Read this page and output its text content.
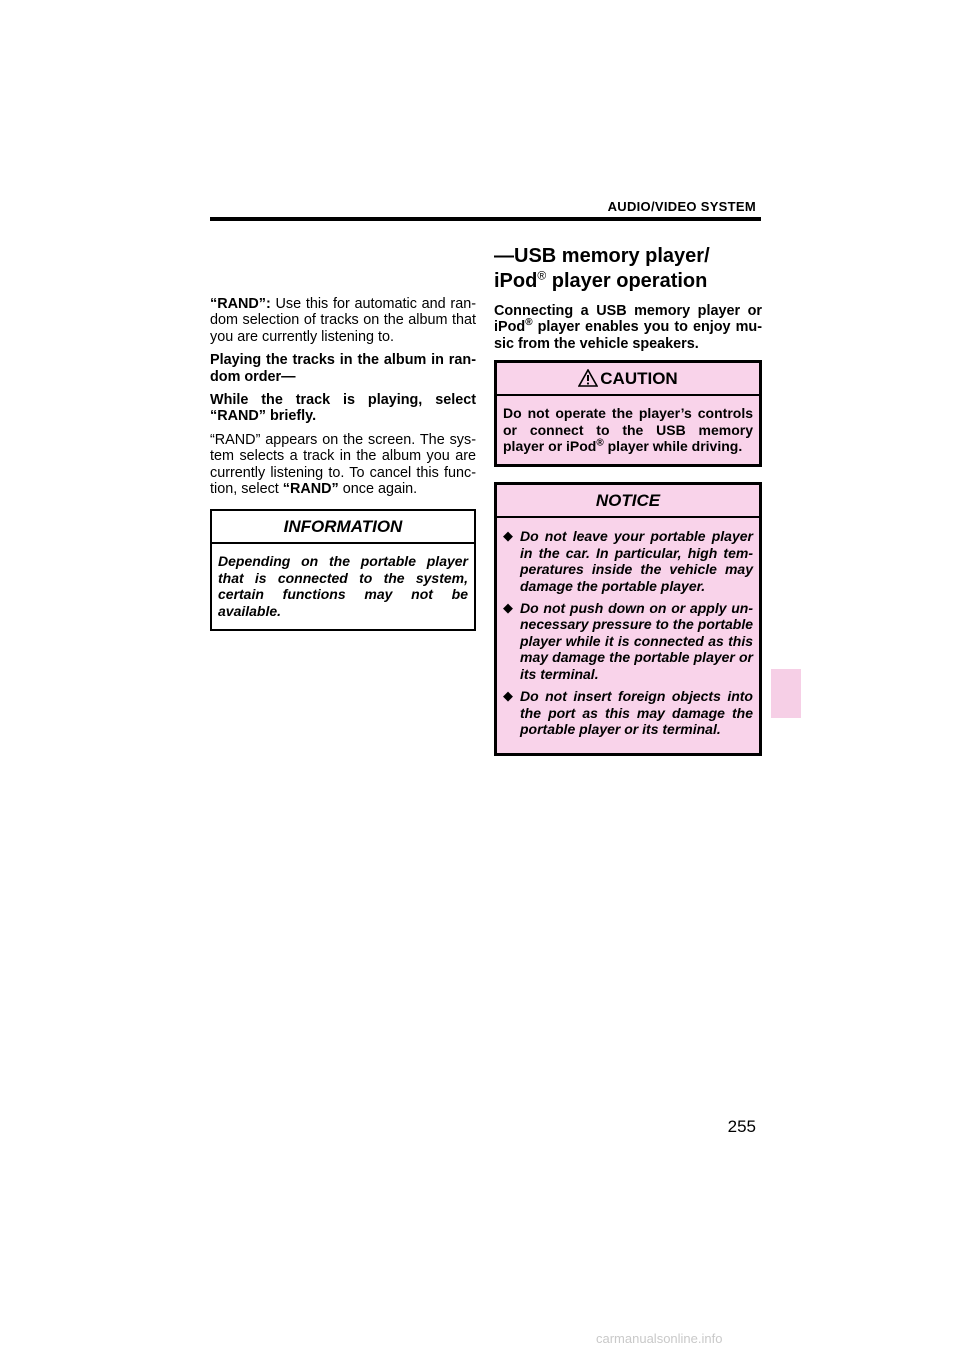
AUDIO/VIDEO SYSTEM

“RAND”: Use this for automatic and ran- dom selection of tracks on the album that you are currently listening to.

Playing the tracks in the album in ran- dom order—

While the track is playing, select “RAND” briefly.

“RAND” appears on the screen. The sys- tem selects a track in the album you are currently listening to. To cancel this func- tion, select “RAND” once again.

INFORMATION

Depending on the portable player that is connected to the system, certain functions may not be available.

—USB memory player/
iPod® player operation

Connecting a USB memory player or iPod® player enables you to enjoy mu- sic from the vehicle speakers.

CAUTION

Do not operate the player’s controls or connect to the USB memory player or iPod® player while driving.

NOTICE
◆ Do not leave your portable player in the car. In particular, high tem- peratures inside the vehicle may damage the portable player.
◆ Do not push down on or apply un- necessary pressure to the portable player while it is connected as this may damage the portable player or its terminal.
◆ Do not insert foreign objects into the port as this may damage the portable player or its terminal.
255
carmanualsonline.info
